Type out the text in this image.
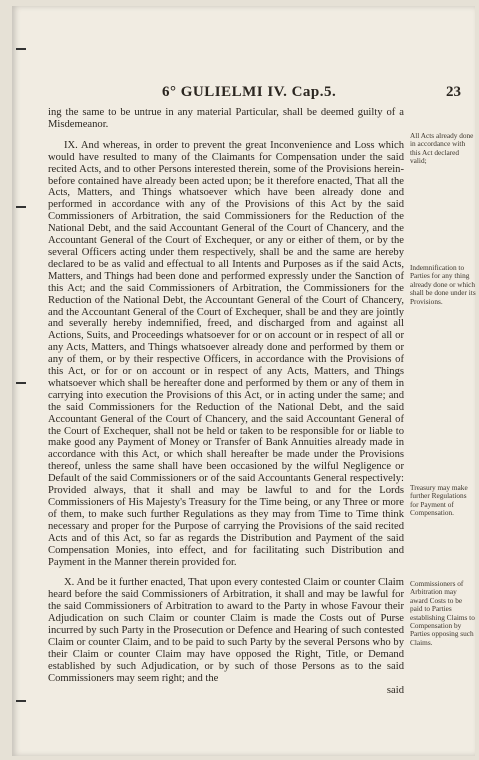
6° GULIELMI IV. Cap.5.	23

ing the same to be untrue in any material Particular, shall be deemed guilty of a Misdemeanor.

IX. And whereas, in order to prevent the great Inconvenience and Loss which would have resulted to many of the Claimants for Compensation under the said recited Acts, and to other Persons interested therein, some of the Provisions herein-before contained have already been acted upon; be it therefore enacted, That all the Acts, Matters, and Things whatsoever which have been already done and performed in accordance with any of the Provisions of this Act by the said Commissioners of Arbitration, the said Commissioners for the Reduction of the National Debt, and the said Accountant General of the Court of Chancery, and the Accountant General of the Court of Exchequer, or any or either of them, or by the several Officers acting under them respectively, shall be and the same are hereby declared to be as valid and effectual to all Intents and Purposes as if the said Acts, Matters, and Things had been done and performed expressly under the Sanction of this Act; and the said Commissioners of Arbitration, the Commissioners for the Reduction of the National Debt, the Accountant General of the Court of Chancery, and the Accountant General of the Court of Exchequer, shall be and they are jointly and severally hereby indemnified, freed, and discharged from and against all Actions, Suits, and Proceedings whatsoever for or on account or in respect of all or any Acts, Matters, and Things whatsoever already done and performed by them or any of them, or by their respective Officers, in accordance with the Provisions of this Act, or for or on account or in respect of any Acts, Matters, and Things whatsoever which shall be hereafter done and performed by them or any of them in carrying into execution the Provisions of this Act, or in acting under the same; and the said Commissioners for the Reduction of the National Debt, and the said Accountant General of the Court of Chancery, and the said Accountant General of the Court of Exchequer, shall not be held or taken to be responsible for or liable to make good any Payment of Money or Transfer of Bank Annuities already made in accordance with this Act, or which shall hereafter be made under the Provisions thereof, unless the same shall have been occasioned by the wilful Negligence or Default of the said Commissioners or of the said Accountants General respectively: Provided always, that it shall and may be lawful to and for the Lords Commissioners of His Majesty's Treasury for the Time being, or any Three or more of them, to make such further Regulations as they may from Time to Time think necessary and proper for the Purpose of carrying the Provisions of the said recited Acts and of this Act, so far as regards the Distribution and Payment of the said Compensation Monies, into effect, and for facilitating such Distribution and Payment in the Manner therein provided for.

X. And be it further enacted, That upon every contested Claim or counter Claim heard before the said Commissioners of Arbitration, it shall and may be lawful for the said Commissioners of Arbitration to award to the Party in whose Favour their Adjudication on such Claim or counter Claim is made the Costs out of Purse incurred by such Party in the Prosecution or Defence and Hearing of such contested Claim or counter Claim, and to be paid to such Party by the several Persons who by their Claim or counter Claim may have opposed the Right, Title, or Demand established by such Adjudication, or by such of those Persons as to the said Commissioners may seem right; and the

said

All Acts already done in accordance with this Act declared valid;
Indemnification to Parties for any thing already done or which shall be done under its Provisions.
Treasury may make further Regulations for Payment of Compensation.
Commissioners of Arbitration may award Costs to be paid to Parties establishing Claims to Compensation by Parties opposing such Claims.
